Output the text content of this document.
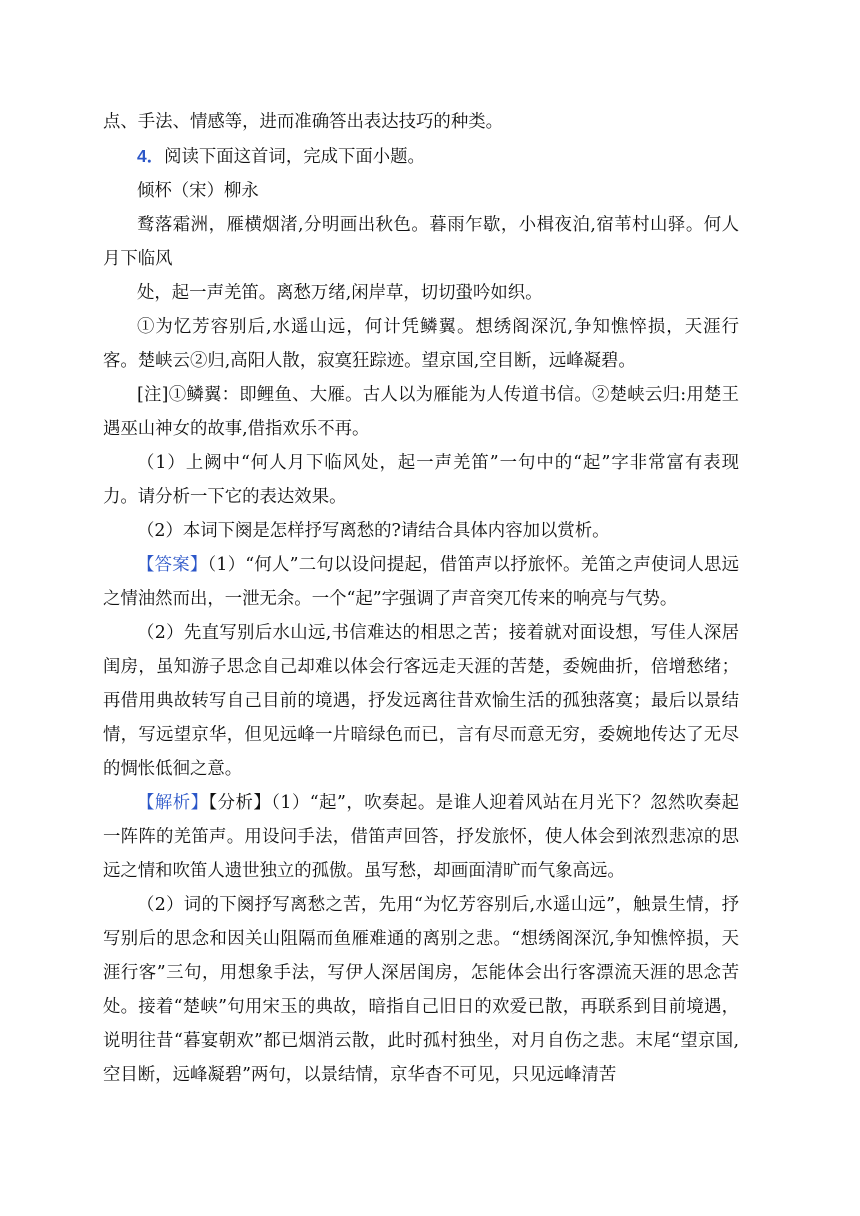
点、手法、情感等，进而准确答出表达技巧的种类。

4．阅读下面这首词，完成下面小题。

倾杯（宋）柳永

鹜落霜洲，雁横烟渚,分明画出秋色。暮雨乍歇，小楫夜泊,宿苇村山驿。何人月下临风

处，起一声羌笛。离愁万绪,闲岸草，切切蛩吟如织。

①为忆芳容别后,水遥山远，何计凭鳞翼。想绣阁深沉,争知憔悴损，天涯行客。楚峡云②归,高阳人散，寂寞狂踪迹。望京国,空目断，远峰凝碧。

[注]①鳞翼：即鲤鱼、大雁。古人以为雁能为人传道书信。②楚峡云归:用楚王遇巫山神女的故事,借指欢乐不再。

（1）上阙中“何人月下临风处，起一声羌笛”一句中的“起”字非常富有表现力。请分析一下它的表达效果。

（2）本词下阕是怎样抒写离愁的?请结合具体内容加以赏析。

【答案】（1）“何人”二句以设问提起，借笛声以抒旅怀。羌笛之声使词人思远之情油然而出，一泄无余。一个“起”字强调了声音突兀传来的响亮与气势。

（2）先直写别后水山远,书信难达的相思之苦；接着就对面设想，写佳人深居闺房，虽知游子思念自己却难以体会行客远走天涯的苦楚，委婉曲折，倍增愁绪；再借用典故转写自己目前的境遇，抒发远离往昔欢愉生活的孤独落寞；最后以景结情，写远望京华，但见远峰一片暗绿色而已，言有尽而意无穷，委婉地传达了无尽的惆怅低徊之意。

【解析】【分析】（1）“起”，吹奏起。是谁人迎着风站在月光下？忽然吹奏起一阵阵的羌笛声。用设问手法，借笛声回答，抒发旅怀，使人体会到浓烈悲凉的思远之情和吹笛人遗世独立的孤傲。虽写愁，却画面清旷而气象高远。

（2）词的下阕抒写离愁之苦，先用“为忆芳容别后,水遥山远”，触景生情，抒写别后的思念和因关山阻隔而鱼雁难通的离别之悲。“想绣阁深沉,争知憔悴损，天涯行客”三句，用想象手法，写伊人深居闺房，怎能体会出行客漂流天涯的思念苦处。接着“楚峡”句用宋玉的典故，暗指自己旧日的欢爱已散，再联系到目前境遇，说明往昔“暮宴朝欢”都已烟消云散，此时孤村独坐，对月自伤之悲。末尾“望京国,空目断，远峰凝碧”两句，以景结情，京华杳不可见，只见远峰清苦
